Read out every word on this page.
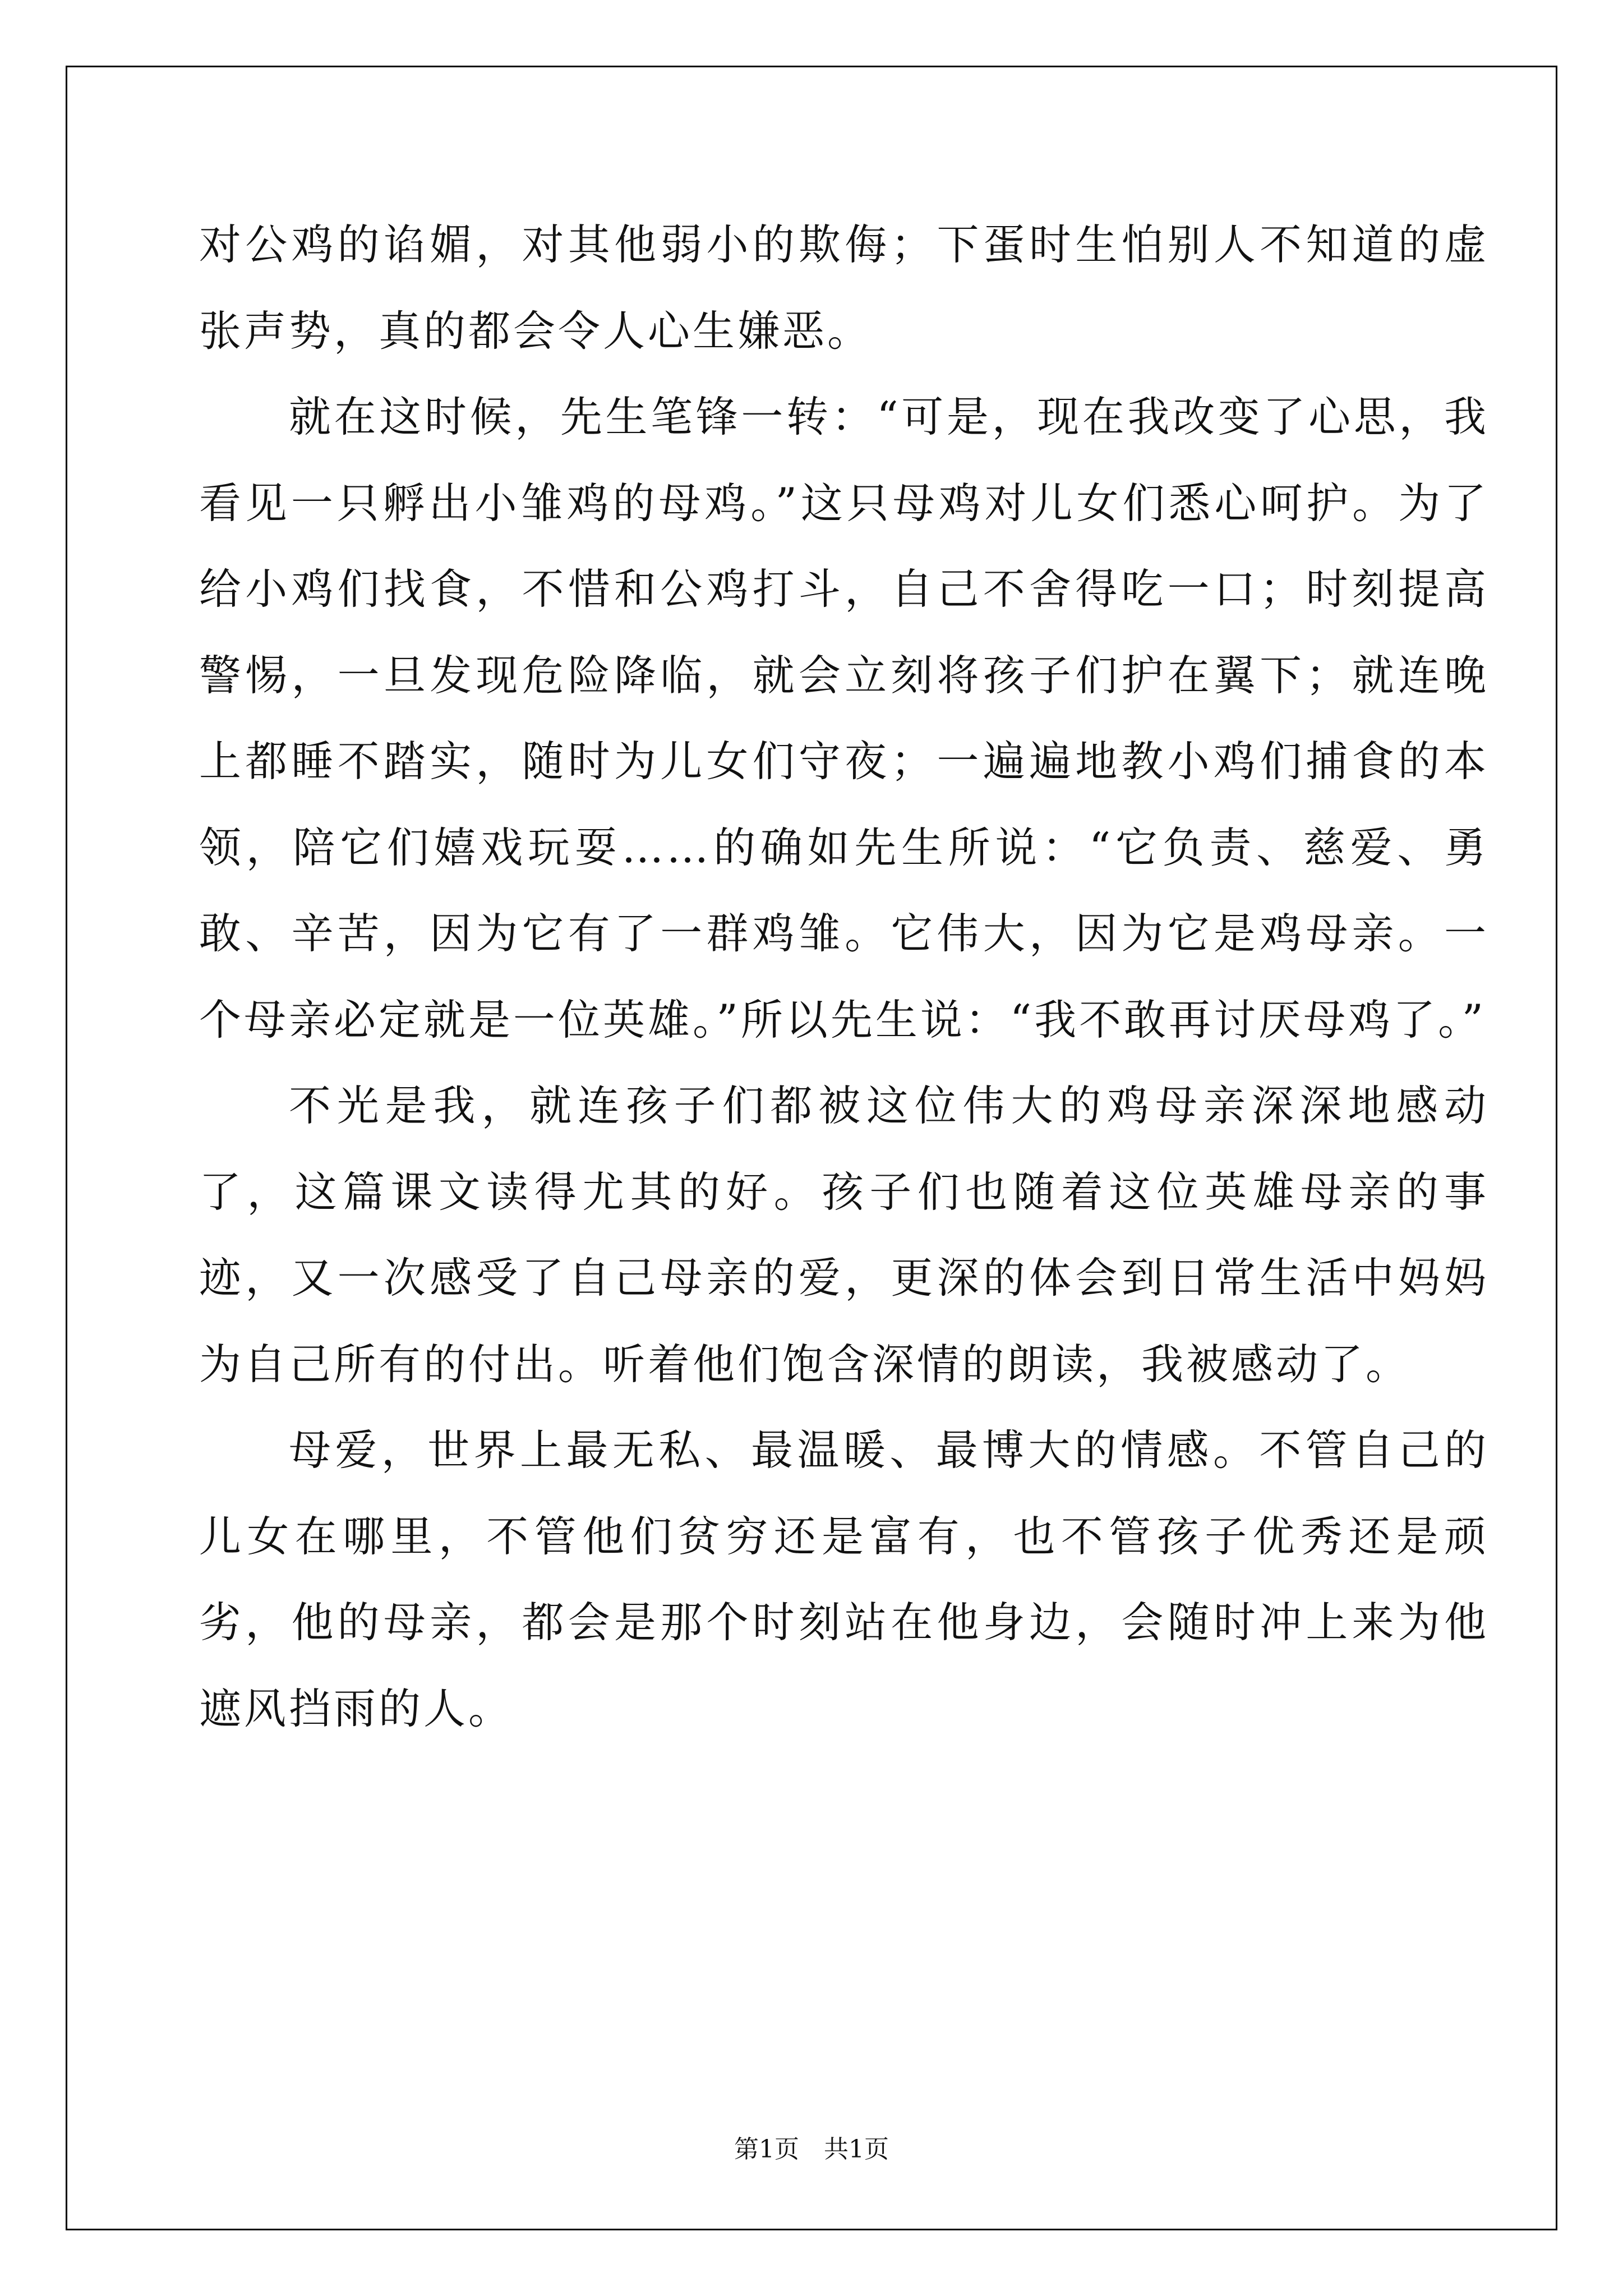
对公鸡的谄媚，对其他弱小的欺侮；下蛋时生怕别人不知道的虚张声势，真的都会令人心生嫌恶。

就在这时候，先生笔锋一转：“可是，现在我改变了心思，我看见一只孵出小雏鸡的母鸡。”这只母鸡对儿女们悉心呵护。为了给小鸡们找食，不惜和公鸡打斗，自己不舍得吃一口；时刻提高警惕，一旦发现危险降临，就会立刻将孩子们护在翼下；就连晚上都睡不踏实，随时为儿女们守夜；一遍遍地教小鸡们捕食的本领，陪它们嬉戏玩耍……的确如先生所说：“它负责、慈爱、勇敢、辛苦，因为它有了一群鸡雏。它伟大，因为它是鸡母亲。一个母亲必定就是一位英雄。”所以先生说：“我不敢再讨厌母鸡了。”

不光是我，就连孩子们都被这位伟大的鸡母亲深深地感动了，这篇课文读得尤其的好。孩子们也随着这位英雄母亲的事迹，又一次感受了自己母亲的爱，更深的体会到日常生活中妈妈为自己所有的付出。听着他们饱含深情的朗读，我被感动了。

母爱，世界上最无私、最温暖、最博大的情感。不管自己的儿女在哪里，不管他们贫穷还是富有，也不管孩子优秀还是顽劣，他的母亲，都会是那个时刻站在他身边，会随时冲上来为他遮风挡雨的人。

第1页　共1页
